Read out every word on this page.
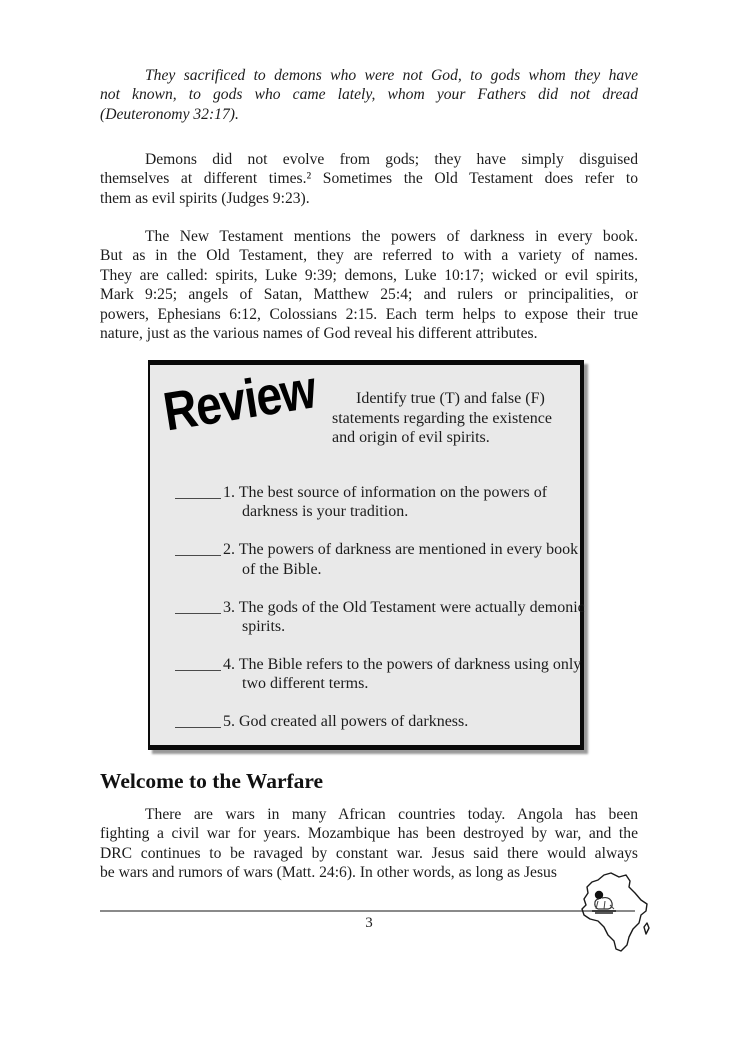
They sacrificed to demons who were not God, to gods whom they have
not known, to gods who came lately, whom your Fathers did not dread
(Deuteronomy 32:17).
Demons did not evolve from gods; they have simply disguised
themselves at different times.² Sometimes the Old Testament does refer to
them as evil spirits (Judges 9:23).
The New Testament mentions the powers of darkness in every book.
But as in the Old Testament, they are referred to with a variety of names.
They are called: spirits, Luke 9:39; demons, Luke 10:17; wicked or evil spirits,
Mark 9:25; angels of Satan, Matthew 25:4; and rulers or principalities, or
powers, Ephesians 6:12, Colossians 2:15. Each term helps to expose their true
nature, just as the various names of God reveal his different attributes.
Review	Identify true (T) and false (F)
statements regarding the existence
and origin of evil spirits.
1. The best source of information on the powers of darkness is your tradition.
2. The powers of darkness are mentioned in every book of the Bible.
3. The gods of the Old Testament were actually demonic spirits.
4. The Bible refers to the powers of darkness using only two different terms.
5. God created all powers of darkness.
Welcome to the Warfare
There are wars in many African countries today. Angola has been
fighting a civil war for years. Mozambique has been destroyed by war, and the
DRC continues to be ravaged by constant war. Jesus said there would always
be wars and rumors of wars (Matt. 24:6). In other words, as long as Jesus
3
